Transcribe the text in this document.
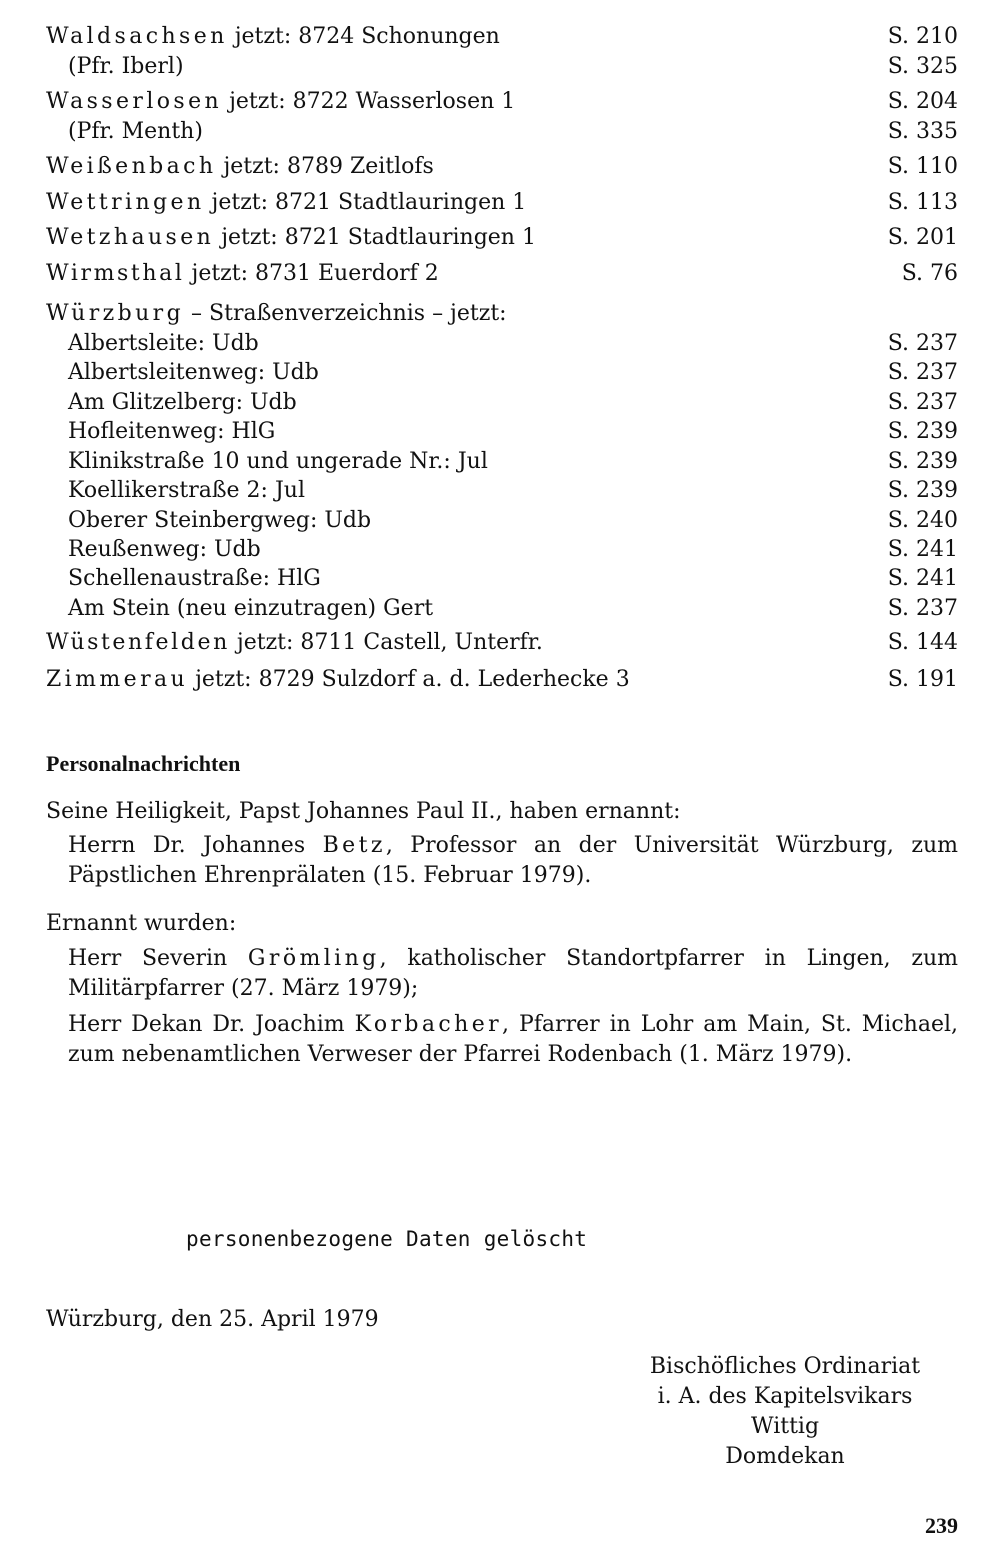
Waldsachsen jetzt: 8724 Schonungen	S. 210
(Pfr. Iberl)	S. 325
Wasserlosen jetzt: 8722 Wasserlosen 1	S. 204
(Pfr. Menth)	S. 335
Weißenbach jetzt: 8789 Zeitlofs	S. 110
Wettringen jetzt: 8721 Stadtlauringen 1	S. 113
Wetzhausen jetzt: 8721 Stadtlauringen 1	S. 201
Wirmsthal jetzt: 8731 Euerdorf 2	S. 76
Würzburg – Straßenverzeichnis – jetzt:
Albertsleite: Udb	S. 237
Albertsleitenweg: Udb	S. 237
Am Glitzelberg: Udb	S. 237
Hofleitenweg: HlG	S. 239
Klinikstraße 10 und ungerade Nr.: Jul	S. 239
Koellikerstraße 2: Jul	S. 239
Oberer Steinbergweg: Udb	S. 240
Reußenweg: Udb	S. 241
Schellenaustraße: HlG	S. 241
Am Stein (neu einzutragen) Gert	S. 237
Wüstenfelden jetzt: 8711 Castell, Unterfr.	S. 144
Zimmerau jetzt: 8729 Sulzdorf a. d. Lederhecke 3	S. 191
Personalnachrichten
Seine Heiligkeit, Papst Johannes Paul II., haben ernannt:
Herrn Dr. Johannes Betz, Professor an der Universität Würzburg, zum Päpstlichen Ehrenprälaten (15. Februar 1979).
Ernannt wurden:
Herr Severin Grömling, katholischer Standortpfarrer in Lingen, zum Militärpfarrer (27. März 1979);
Herr Dekan Dr. Joachim Korbacher, Pfarrer in Lohr am Main, St. Michael, zum nebenamtlichen Verweser der Pfarrei Rodenbach (1. März 1979).
personenbezogene Daten gelöscht
Würzburg, den 25. April 1979
Bischöfliches Ordinariat
i. A. des Kapitelsvikars
Wittig
Domdekan
239
